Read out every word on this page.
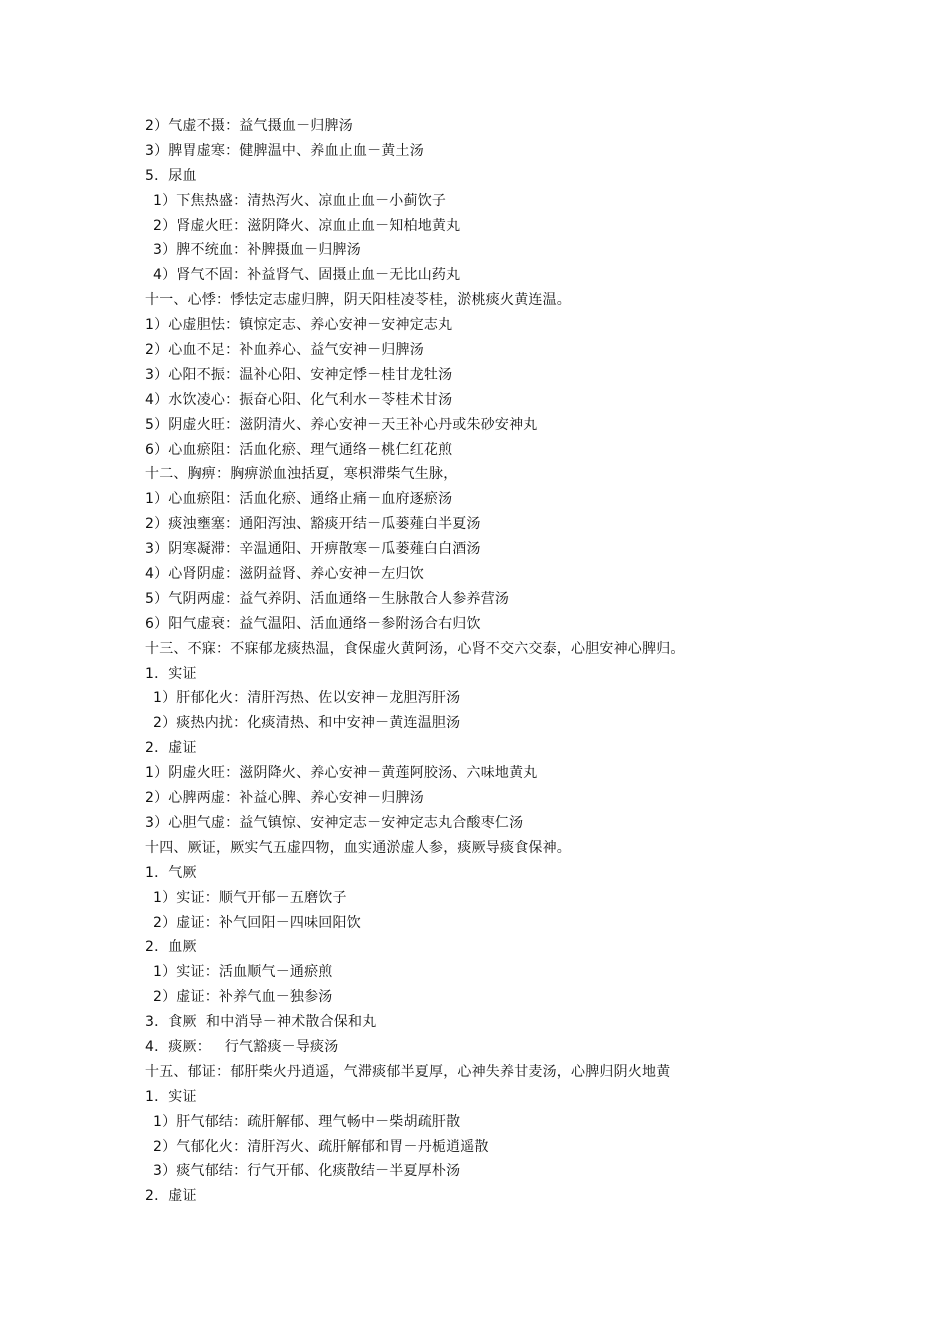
2）气虚不摄：益气摄血－归脾汤
3）脾胃虚寒：健脾温中、养血止血－黄土汤
5．尿血
1）下焦热盛：清热泻火、凉血止血－小蓟饮子
2）肾虚火旺：滋阴降火、凉血止血－知柏地黄丸
3）脾不统血：补脾摄血－归脾汤
4）肾气不固：补益肾气、固摄止血－无比山药丸
十一、心悸：悸怯定志虚归脾，阴天阳桂凌苓桂，淤桃痰火黄连温。
1）心虚胆怯：镇惊定志、养心安神－安神定志丸
2）心血不足：补血养心、益气安神－归脾汤
3）心阳不振：温补心阳、安神定悸－桂甘龙牡汤
4）水饮凌心：振奋心阳、化气利水－苓桂术甘汤
5）阴虚火旺：滋阴清火、养心安神－天王补心丹或朱砂安神丸
6）心血瘀阻：活血化瘀、理气通络－桃仁红花煎
十二、胸痹：胸痹淤血浊括夏，寒枳滞柴气生脉，
1）心血瘀阻：活血化瘀、通络止痛－血府逐瘀汤
2）痰浊壅塞：通阳泻浊、豁痰开结－瓜蒌薤白半夏汤
3）阴寒凝滞：辛温通阳、开痹散寒－瓜蒌薤白白酒汤
4）心肾阴虚：滋阴益肾、养心安神－左归饮
5）气阴两虚：益气养阴、活血通络－生脉散合人参养营汤
6）阳气虚衰：益气温阳、活血通络－参附汤合右归饮
十三、不寐：不寐郁龙痰热温，食保虚火黄阿汤，心肾不交六交泰，心胆安神心脾归。
1．实证
1）肝郁化火：清肝泻热、佐以安神－龙胆泻肝汤
2）痰热内扰：化痰清热、和中安神－黄连温胆汤
2．虚证
1）阴虚火旺：滋阴降火、养心安神－黄莲阿胶汤、六味地黄丸
2）心脾两虚：补益心脾、养心安神－归脾汤
3）心胆气虚：益气镇惊、安神定志－安神定志丸合酸枣仁汤
十四、厥证，厥实气五虚四物，血实通淤虚人参，痰厥导痰食保神。
1．气厥
1）实证：顺气开郁－五磨饮子
2）虚证：补气回阳－四味回阳饮
2．血厥
1）实证：活血顺气－通瘀煎
2）虚证：补养气血－独参汤
3．食厥  和中消导－神术散合保和丸
4．痰厥：   行气豁痰－导痰汤
十五、郁证：郁肝柴火丹逍遥，气滞痰郁半夏厚，心神失养甘麦汤，心脾归阴火地黄
1．实证
1）肝气郁结：疏肝解郁、理气畅中－柴胡疏肝散
2）气郁化火：清肝泻火、疏肝解郁和胃－丹栀逍遥散
3）痰气郁结：行气开郁、化痰散结－半夏厚朴汤
2．虚证
